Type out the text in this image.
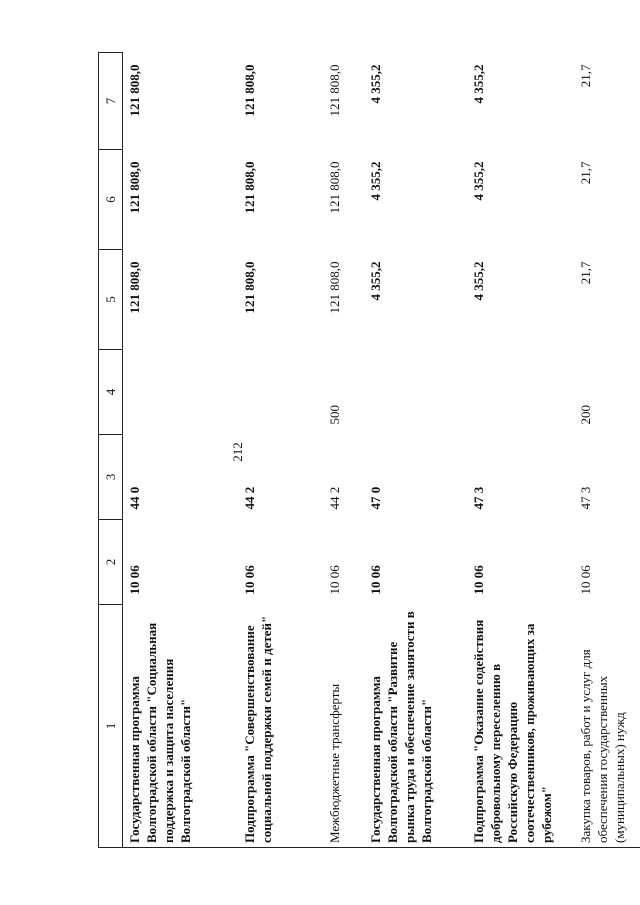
212
1	2	3	4	5	6	7
Государственная программа Волгоградской области "Социальная поддержка и защита населения Волгоградской области"	10 06	44 0		121 808,0	121 808,0	121 808,0
Подпрограмма "Совершенствование социальной поддержки семей и детей"	10 06	44 2		121 808,0	121 808,0	121 808,0
Межбюджетные трансферты	10 06	44 2	500	121 808,0	121 808,0	121 808,0
Государственная программа Волгоградской области "Развитие рынка труда и обеспечение занятости в Волгоградской области"	10 06	47 0		4 355,2	4 355,2	4 355,2
Подпрограмма "Оказание содействия добровольному переселению в Российскую Федерацию соотечественников, проживающих за рубежом"	10 06	47 3		4 355,2	4 355,2	4 355,2
Закупка товаров, работ и услуг для обеспечения государственных (муниципальных) нужд	10 06	47 3	200	21,7	21,7	21,7
